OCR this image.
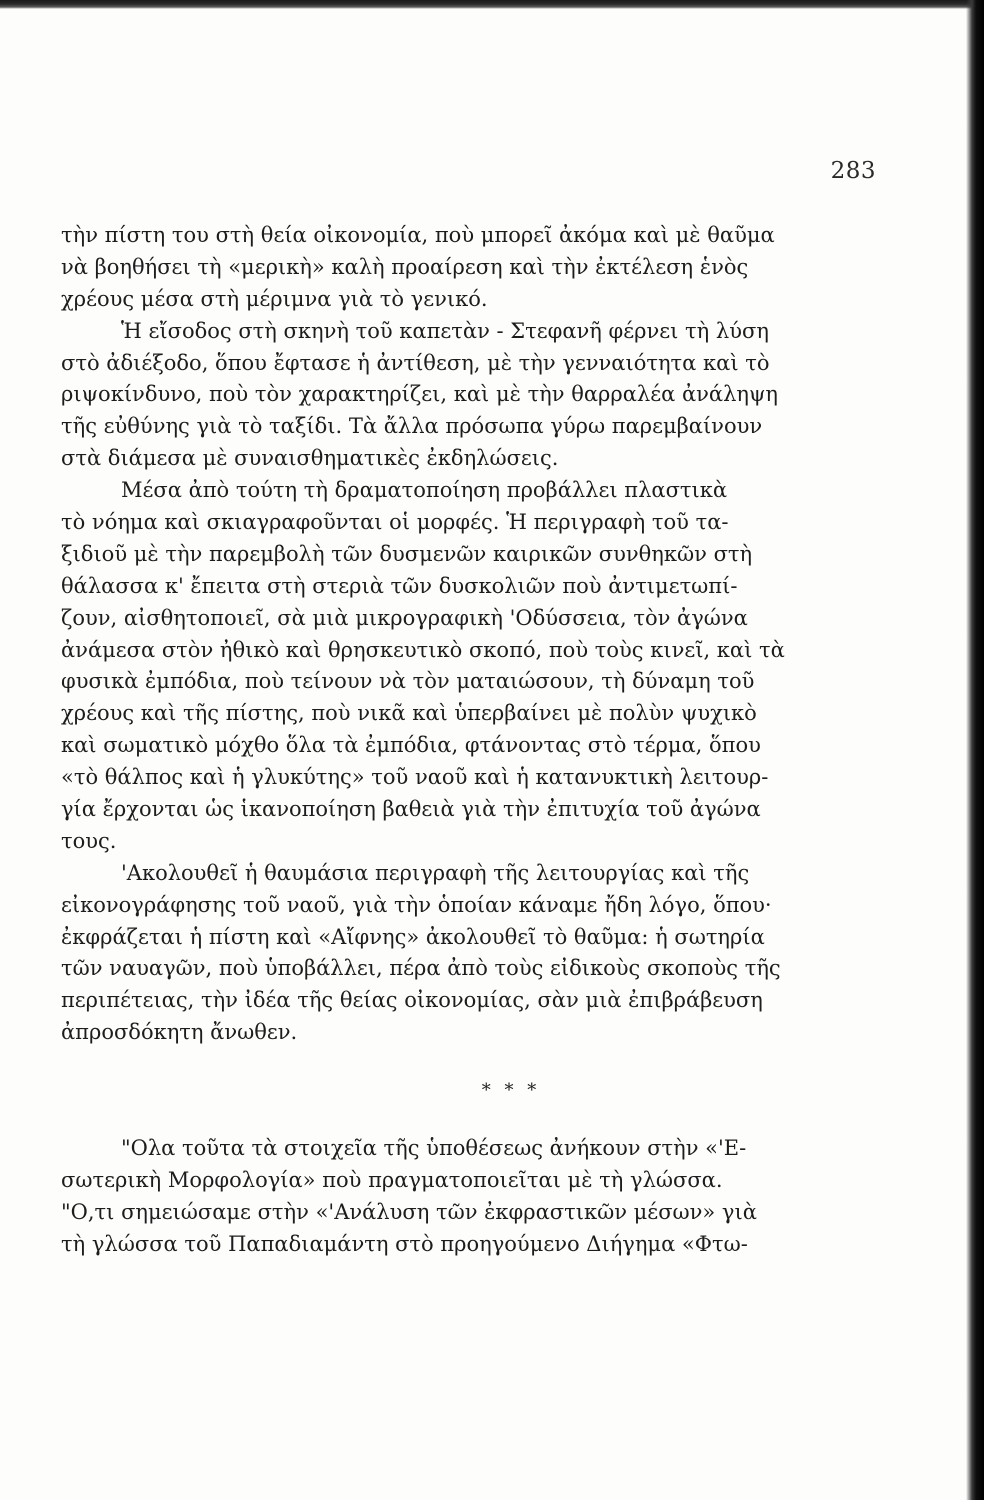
283
τὴν πίστη του στὴ θεία οἰκονομία, ποὺ μπορεῖ ἀκόμα καὶ μὲ θαῦμα
νὰ βοηθήσει τὴ «μερικὴ» καλὴ προαίρεση καὶ τὴν ἐκτέλεση ἑνὸς
χρέους μέσα στὴ μέριμνα γιὰ τὸ γενικό.
Ἡ εἴσοδος στὴ σκηνὴ τοῦ καπετὰν - Στεφανῆ φέρνει τὴ λύση
στὸ ἀδιέξοδο, ὅπου ἔφτασε ἡ ἀντίθεση, μὲ τὴν γενναιότητα καὶ τὸ
ριψοκίνδυνο, ποὺ τὸν χαρακτηρίζει, καὶ μὲ τὴν θαρραλέα ἀνάληψη
τῆς εὐθύνης γιὰ τὸ ταξίδι. Τὰ ἄλλα πρόσωπα γύρω παρεμβαίνουν
στὰ διάμεσα μὲ συναισθηματικὲς ἐκδηλώσεις.
Μέσα ἀπὸ τούτη τὴ δραματοποίηση προβάλλει πλαστικὰ
τὸ νόημα καὶ σκιαγραφοῦνται οἱ μορφές. Ἡ περιγραφὴ τοῦ τα-
ξιδιοῦ μὲ τὴν παρεμβολὴ τῶν δυσμενῶν καιρικῶν συνθηκῶν στὴ
θάλασσα κ' ἔπειτα στὴ στεριὰ τῶν δυσκολιῶν ποὺ ἀντιμετωπί-
ζουν, αἰσθητοποιεῖ, σὰ μιὰ μικρογραφικὴ 'Οδύσσεια, τὸν ἀγώνα
ἀνάμεσα στὸν ἠθικὸ καὶ θρησκευτικὸ σκοπό, ποὺ τοὺς κινεῖ, καὶ τὰ
φυσικὰ ἐμπόδια, ποὺ τείνουν νὰ τὸν ματαιώσουν, τὴ δύναμη τοῦ
χρέους καὶ τῆς πίστης, ποὺ νικᾶ καὶ ὑπερβαίνει μὲ πολὺν ψυχικὸ
καὶ σωματικὸ μόχθο ὅλα τὰ ἐμπόδια, φτάνοντας στὸ τέρμα, ὅπου
«τὸ θάλπος καὶ ἡ γλυκύτης» τοῦ ναοῦ καὶ ἡ κατανυκτικὴ λειτουρ-
γία ἔρχονται ὡς ἱκανοποίηση βαθειὰ γιὰ τὴν ἐπιτυχία τοῦ ἀγώνα
τους.
'Ακολουθεῖ ἡ θαυμάσια περιγραφὴ τῆς λειτουργίας καὶ τῆς
εἰκονογράφησης τοῦ ναοῦ, γιὰ τὴν ὁποίαν κάναμε ἤδη λόγο, ὅπου·
ἐκφράζεται ἡ πίστη καὶ «Αἴφνης» ἀκολουθεῖ τὸ θαῦμα: ἡ σωτηρία
τῶν ναυαγῶν, ποὺ ὑποβάλλει, πέρα ἀπὸ τοὺς εἰδικοὺς σκοποὺς τῆς
περιπέτειας, τὴν ἰδέα τῆς θείας οἰκονομίας, σὰν μιὰ ἐπιβράβευση
ἀπροσδόκητη ἄνωθεν.
* * *
"Ολα τοῦτα τὰ στοιχεῖα τῆς ὑποθέσεως ἀνήκουν στὴν «'Ε-
σωτερικὴ Μορφολογία» ποὺ πραγματοποιεῖται μὲ τὴ γλώσσα.
"Ο,τι σημειώσαμε στὴν «'Ανάλυση τῶν ἐκφραστικῶν μέσων» γιὰ
τὴ γλώσσα τοῦ Παπαδιαμάντη στὸ προηγούμενο Διήγημα «Φτω-
